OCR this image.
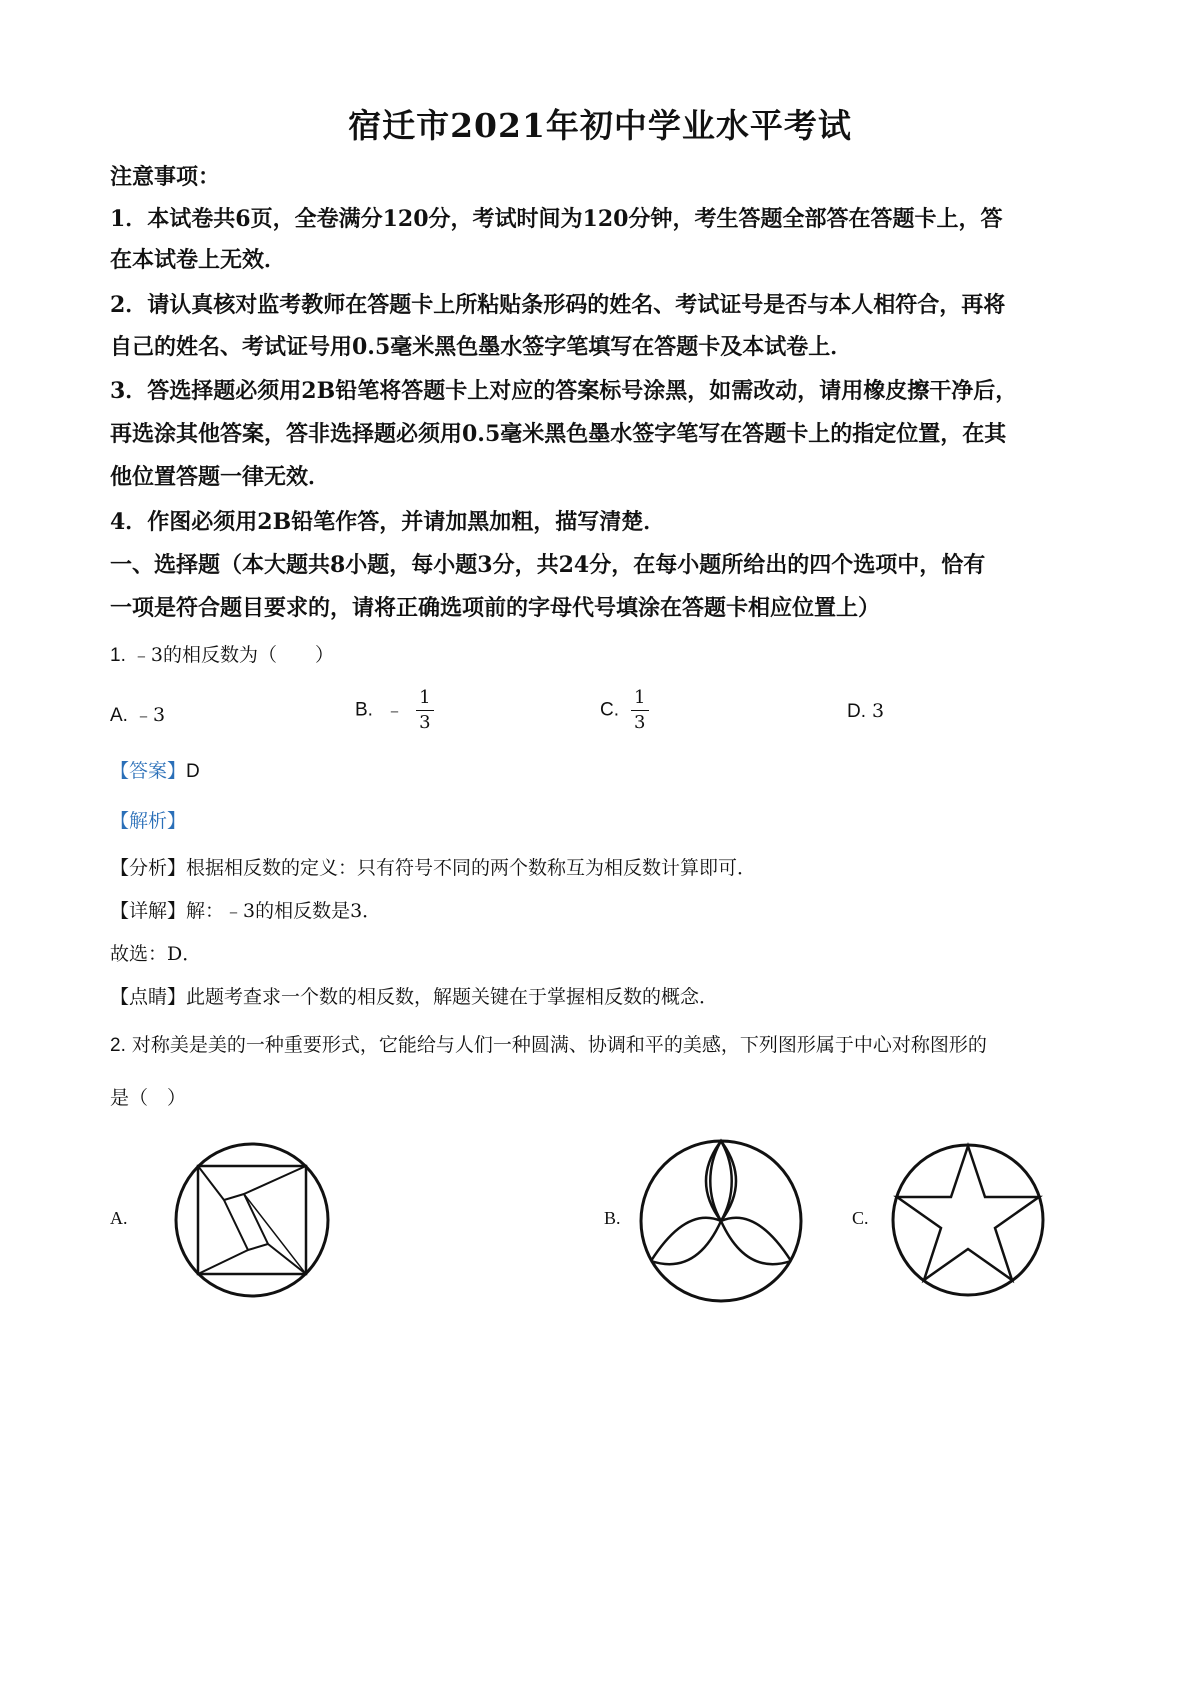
宿迁市2021年初中学业水平考试
注意事项：
1．本试卷共6页，全卷满分120分，考试时间为120分钟，考生答题全部答在答题卡上，答
在本试卷上无效．
2．请认真核对监考教师在答题卡上所粘贴条形码的姓名、考试证号是否与本人相符合，再将
自己的姓名、考试证号用0.5毫米黑色墨水签字笔填写在答题卡及本试卷上．
3．答选择题必须用2B铅笔将答题卡上对应的答案标号涂黑，如需改动，请用橡皮擦干净后，
再选涂其他答案，答非选择题必须用0.5毫米黑色墨水签字笔写在答题卡上的指定位置，在其
他位置答题一律无效．
4．作图必须用2B铅笔作答，并请加黑加粗，描写清楚．
一、选择题（本大题共8小题，每小题3分，共24分，在每小题所给出的四个选项中，恰有
一项是符合题目要求的，请将正确选项前的字母代号填涂在答题卡相应位置上）
1. ﹣3的相反数为（　　）
A. ﹣3	B. ﹣ $\frac{1}{3}$	C. $\frac{1}{3}$	D. 3
【答案】D
【解析】
【分析】根据相反数的定义：只有符号不同的两个数称互为相反数计算即可．
【详解】解：﹣3的相反数是3．
故选：D．
【点睛】此题考查求一个数的相反数，解题关键在于掌握相反数的概念．
2. 对称美是美的一种重要形式，它能给与人们一种圆满、协调和平的美感，下列图形属于中心对称图形的
是（　）
A.	B.	C.
